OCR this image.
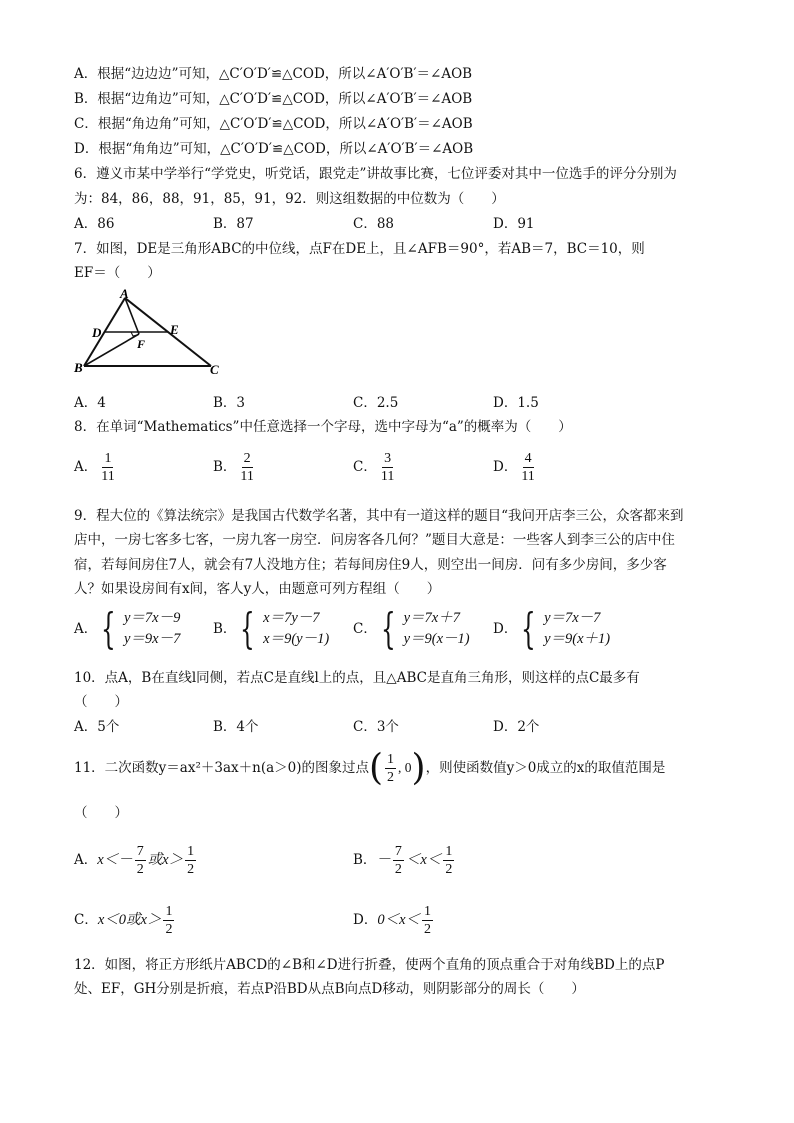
A．根据“边边边”可知，△C′O′D′≌△COD，所以∠A′O′B′＝∠AOB
B．根据“边角边”可知，△C′O′D′≌△COD，所以∠A′O′B′＝∠AOB
C．根据“角边角”可知，△C′O′D′≌△COD，所以∠A′O′B′＝∠AOB
D．根据“角角边”可知，△C′O′D′≌△COD，所以∠A′O′B′＝∠AOB
6．遵义市某中学举行“学党史，听党话，跟党走”讲故事比赛，七位评委对其中一位选手的评分分别为
为：84，86，88，91，85，91，92．则这组数据的中位数为（　　）
A．86	B．87	C．88	D．91
7．如图，DE是三角形ABC的中位线，点F在DE上，且∠AFB＝90°，若AB＝7，BC＝10，则
EF＝（　　）
A
D	E
F
B	C
A．4	B．3	C．2.5	D．1.5
8．在单词“Mathematics”中任意选择一个字母，选中字母为“a”的概率为（　　）
A． $\frac{1}{11}$	B． $\frac{2}{11}$	C． $\frac{3}{11}$	D． $\frac{4}{11}$
9．程大位的《算法统宗》是我国古代数学名著，其中有一道这样的题目“我问开店李三公，众客都来到
店中，一房七客多七客，一房九客一房空．问房客各几何？”题目大意是：一些客人到李三公的店中住
宿，若每间房住7人，就会有7人没地方住；若每间房住9人，则空出一间房．问有多少房间，多少客
人？如果设房间有x间，客人y人，由题意可列方程组（　　）
A． { y＝7x－9
y＝9x－7
B． { x＝7y－7
x＝9(y－1)
C． { y＝7x＋7
y＝9(x－1)
D． { y＝7x－7
y＝9(x＋1)
10．点A，B在直线l同侧，若点C是直线l上的点，且△ABC是直角三角形，则这样的点C最多有
（　　）
A．5个	B．4个	C．3个	D．2个
11．二次函数y＝ax²＋3ax＋n(a＞0)的图象过点( $\frac{1}{2}$ , 0)，则使函数值y＞0成立的x的取值范围是
（　　）
A．$x<- \frac{7}{2}$ 或$x> \frac{1}{2}$	B．－ $\frac{7}{2} <x< \frac{1}{2}$
C．x＜0或$x> \frac{1}{2}$	D．$0<x< \frac{1}{2}$
12．如图，将正方形纸片ABCD的∠B和∠D进行折叠，使两个直角的顶点重合于对角线BD上的点P
处、EF，GH分别是折痕，若点P沿BD从点B向点D移动，则阴影部分的周长（　　）
